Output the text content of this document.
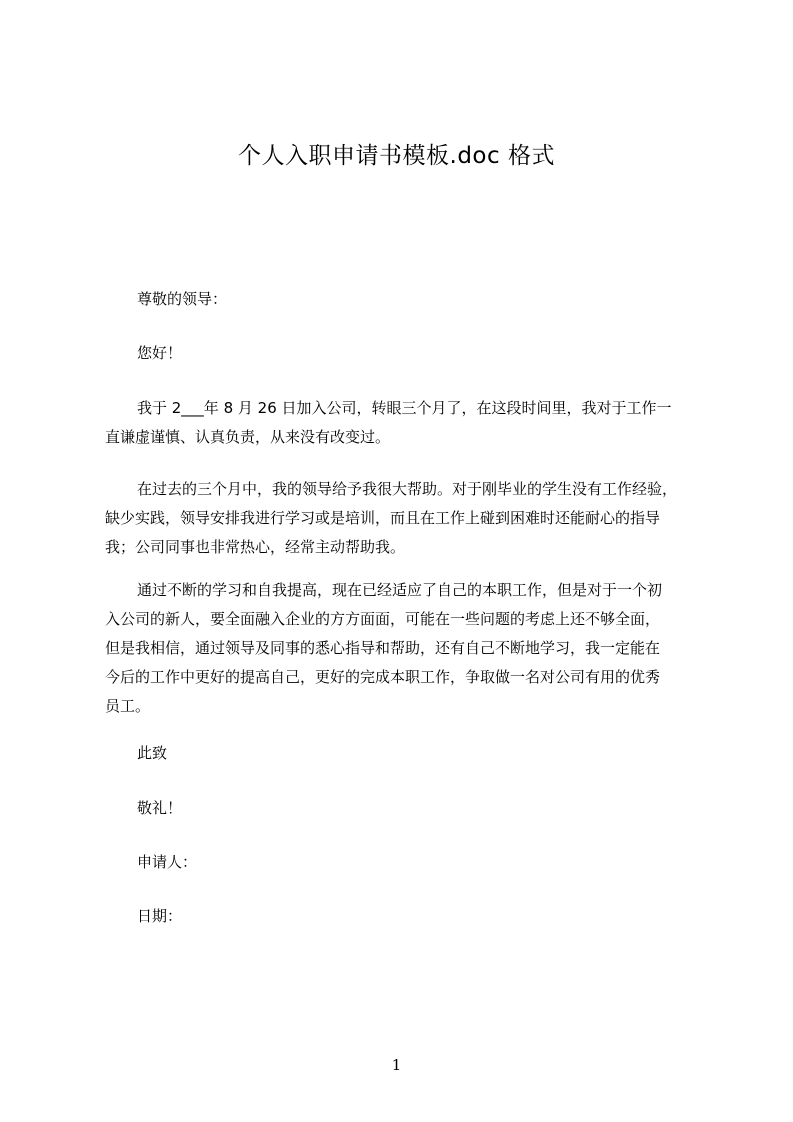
个人入职申请书模板.doc 格式
尊敬的领导：
您好！
我于 2___年 8 月 26 日加入公司，转眼三个月了，在这段时间里，我对于工作一
直谦虚谨慎、认真负责，从来没有改变过。
在过去的三个月中，我的领导给予我很大帮助。对于刚毕业的学生没有工作经验，
缺少实践，领导安排我进行学习或是培训，而且在工作上碰到困难时还能耐心的指导
我；公司同事也非常热心，经常主动帮助我。
通过不断的学习和自我提高，现在已经适应了自己的本职工作，但是对于一个初
入公司的新人，要全面融入企业的方方面面，可能在一些问题的考虑上还不够全面，
但是我相信，通过领导及同事的悉心指导和帮助，还有自己不断地学习，我一定能在
今后的工作中更好的提高自己，更好的完成本职工作，争取做一名对公司有用的优秀
员工。
此致
敬礼！
申请人：
日期：
1
